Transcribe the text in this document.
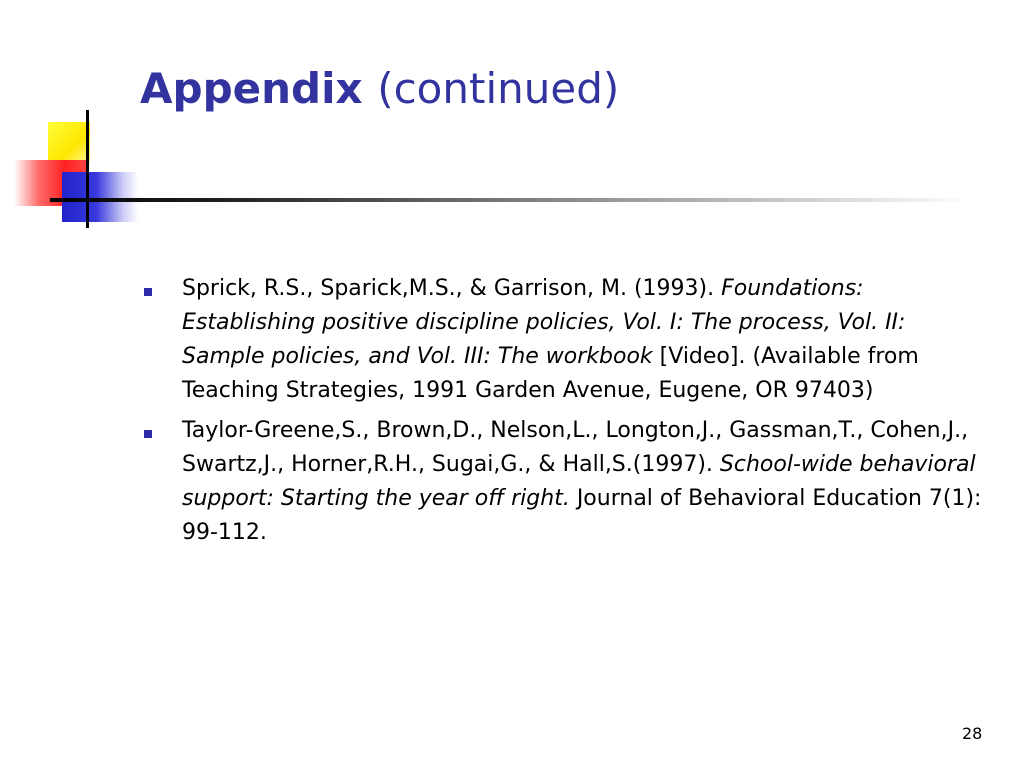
Appendix (continued)
Sprick, R.S., Sparick,M.S., & Garrison, M. (1993). Foundations: Establishing positive discipline policies, Vol. I: The process, Vol. II: Sample policies, and Vol. III: The workbook [Video]. (Available from Teaching Strategies, 1991 Garden Avenue, Eugene, OR 97403)
Taylor-Greene,S., Brown,D., Nelson,L., Longton,J., Gassman,T., Cohen,J., Swartz,J., Horner,R.H., Sugai,G., & Hall,S.(1997). School-wide behavioral support: Starting the year off right. Journal of Behavioral Education 7(1): 99-112.
28
